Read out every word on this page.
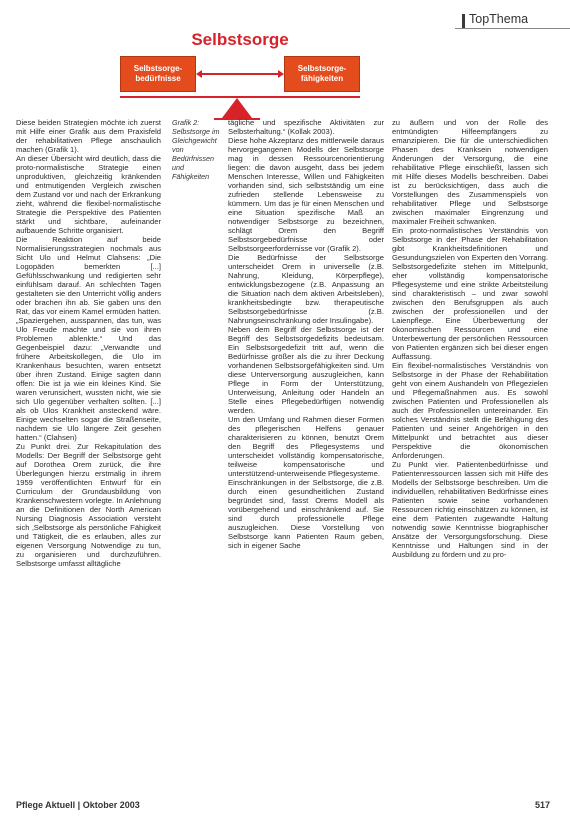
TopThema
Selbstsorge
Selbstsorge-bedürfnisse
Selbstsorge-fähigkeiten

Diese beiden Strategien möchte ich zuerst mit Hilfe einer Grafik aus dem Praxisfeld der rehabilitativen Pflege anschaulich machen (Grafik 1).

An dieser Übersicht wird deutlich, dass die proto-normalistische Strategie einen unproduktiven, gleichzeitig kränkenden und entmutigenden Vergleich zwischen dem Zustand vor und nach der Erkrankung zieht, während die flexibel-normalistische Strategie die Perspektive des Patienten stärkt und sichtbare, aufeinander aufbauende Schritte organisiert.

Die Reaktion auf beide Normalisierungsstrategien nochmals aus Sicht Ulo und Helmut Clahsens: „Die Logopäden bemerkten [...] Gefühlsschwankung und redigierten sehr einfühlsam darauf. An schlechten Tagen gestalteten sie den Unterricht völlig anders oder brachen ihn ab. Sie gaben uns den Rat, das vor einem Kamel ermüden hatten. „Spaziergehen, ausspannen, das tun, was Ulo Freude machte und sie von ihren Problemen ablenkte.“ Und das Gegenbeispiel dazu: „Verwandte und frühere Arbeitskollegen, die Ulo im Krankenhaus besuchten, waren entsetzt über ihren Zustand. Einige sagten dann offen: Die ist ja wie ein kleines Kind. Sie waren verunsichert, wussten nicht, wie sie sich Ulo gegenüber verhalten sollten. [...] als ob Ulos Krankheit ansteckend wäre. Einige wechselten sogar die Straßenseite, nachdem sie Ulo längere Zeit gesehen hatten.“ (Clahsen)

Zu Punkt drei. Zur Rekapitulation des Modells: Der Begriff der Selbstsorge geht auf Dorothea Orem zurück, die ihre Überlegungen hierzu erstmalig in ihrem 1959 veröffentlichten Entwurf für ein Curriculum der Grundausbildung von Krankenschwestern vorlegte. In Anlehnung an die Definitionen der North American Nursing Diagnosis Association versteht sich ‚Selbstsorge als persönliche Fähigkeit und Tätigkeit, die es erlauben, alles zur eigenen Versorgung Notwendige zu tun, zu organisieren und durchzuführen. Selbstsorge umfasst alltägliche

Grafik 2: Selbstsorge im Gleichgewicht von Bedürfnissen und Fähigkeiten

tägliche und spezifische Aktivitäten zur Selbsterhaltung.“ (Kollak 2003).

Diese hohe Akzeptanz des mittlerweile daraus hervorgegangenen Modells der Selbstsorge mag in dessen Ressourcenorientierung liegen: die davon ausgeht, dass bei jedem Menschen Interesse, Willen und Fähigkeiten vorhanden sind, sich selbstständig um eine zufrieden stellende Lebensweise zu kümmern. Um das je für einen Menschen und eine Situation spezifische Maß an notwendiger Selbstsorge zu bezeichnen, schlägt Orem den Begriff Selbstsorgebedürfnisse oder Selbstsorgeerfordernisse vor (Grafik 2).

Die Bedürfnisse der Selbstsorge unterscheidet Orem in universelle (z.B. Nahrung, Kleidung, Körperpflege), entwicklungsbezogene (z.B. Anpassung an die Situation nach dem aktiven Arbeitsleben), krankheitsbedingte bzw. therapeutische Selbstsorgebedürfnisse (z.B. Nahrungseinschränkung oder Insulingabe).

Neben dem Begriff der Selbstsorge ist der Begriff des Selbstsorgedefizits bedeutsam. Ein Selbstsorgedefizit tritt auf, wenn die Bedürfnisse größer als die zu ihrer Deckung vorhandenen Selbstsorgefähigkeiten sind. Um diese Unterversorgung auszugleichen, kann Pflege in Form der Unterstützung, Unterweisung, Anleitung oder Handeln an Stelle eines Pflegebedürftigen notwendig werden.

Um den Umfang und Rahmen dieser Formen des pflegerischen Helfens genauer charakterisieren zu können, benutzt Orem den Begriff des Pflegesystems und unterscheidet vollständig kompensatorische, teilweise kompensatorische und unterstützend-unterweisende Pflegesysteme.

Einschränkungen in der Selbstsorge, die z.B. durch einen gesundheitlichen Zustand begründet sind, fasst Orems Modell als vorübergehend und einschränkend auf. Sie sind durch professionelle Pflege auszugleichen. Diese Vorstellung von Selbstsorge kann Patienten Raum geben, sich in eigener Sache

zu äußern und von der Rolle des entmündigten Hilfeempfängers zu emanzipieren. Die für die unterschiedlichen Phasen des Kranksein notwendigen Änderungen der Versorgung, die eine rehabilitative Pflege einschließt, lassen sich mit Hilfe dieses Modells beschreiben. Dabei ist zu berücksichtigen, dass auch die Vorstellungen des Zusammenspiels von rehabilitativer Pflege und Selbstsorge zwischen maximaler Eingrenzung und maximaler Freiheit schwanken.

Ein proto-normalistisches Verständnis von Selbstsorge in der Phase der Rehabilitation gibt Krankheitsdefinitionen und Gesundungszielen von Experten den Vorrang. Selbstsorgedefizite stehen im Mittelpunkt, eher vollständig kompensatorische Pflegesysteme und eine strikte Arbeitsteilung sind charakteristisch – und zwar sowohl zwischen den Berufsgruppen als auch zwischen der professionellen und der Laienpflege. Eine Überbewertung der ökonomischen Ressourcen und eine Unterbewertung der persönlichen Ressourcen von Patienten ergänzen sich bei dieser engen Auffassung.

Ein flexibel-normalistisches Verständnis von Selbstsorge in der Phase der Rehabilitation geht von einem Aushandeln von Pflegezielen und Pflegemaßnahmen aus. Es sowohl zwischen Patienten und Professionellen als auch der Professionellen untereinander. Ein solches Verständnis stellt die Befähigung des Patienten und seiner Angehörigen in den Mittelpunkt und betrachtet aus dieser Perspektive die ökonomischen Anforderungen.

Zu Punkt vier. Patientenbedürfnisse und Patientenressourcen lassen sich mit Hilfe des Modells der Selbstsorge beschreiben. Um die individuellen, rehabilitativen Bedürfnisse eines Patienten sowie seine vorhandenen Ressourcen richtig einschätzen zu können, ist eine dem Patienten zugewandte Haltung notwendig sowie Kenntnisse biographischer Ansätze der Versorgungsforschung. Diese Kenntnisse und Haltungen sind in der Ausbildung zu fördern und zu pro-

Pflege Aktuell | Oktober 2003	517
